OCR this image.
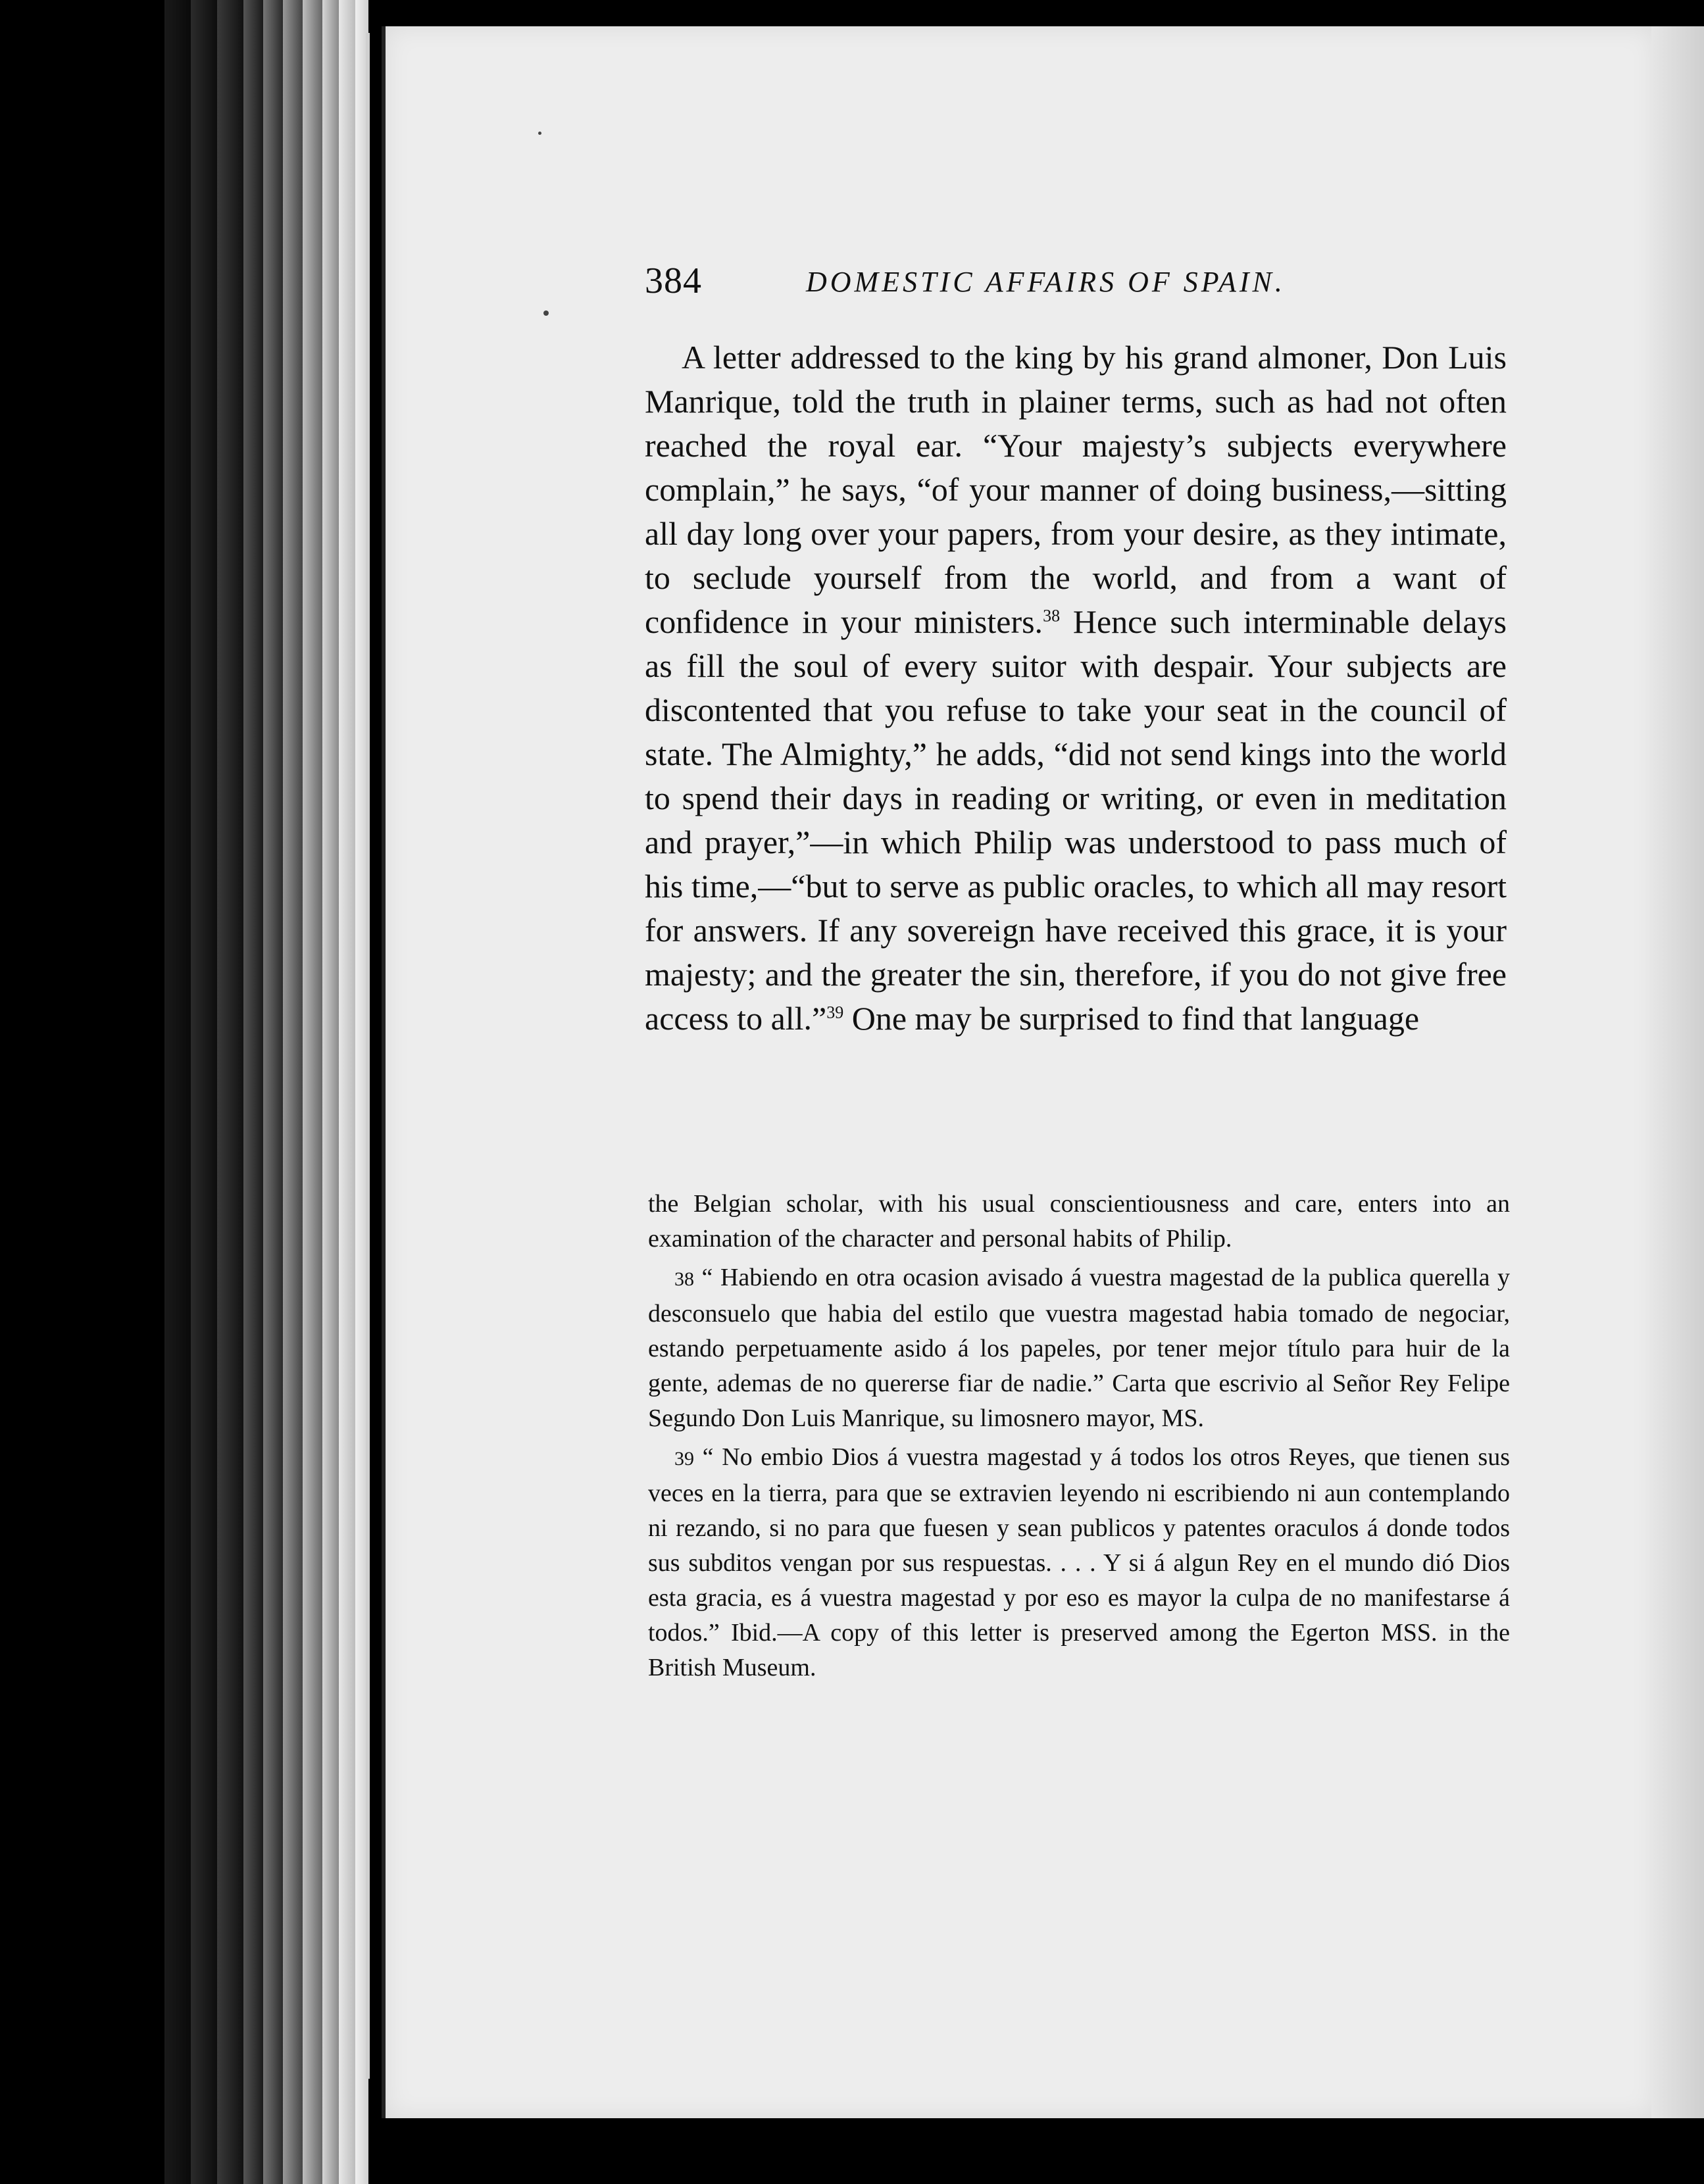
384	DOMESTIC AFFAIRS OF SPAIN.

A letter addressed to the king by his grand almoner, Don Luis Manrique, told the truth in plainer terms, such as had not often reached the royal ear. “Your majesty’s subjects everywhere complain,” he says, “of your manner of doing business,—sitting all day long over your papers, from your desire, as they intimate, to seclude yourself from the world, and from a want of confidence in your ministers.$^{38}$ Hence such interminable delays as fill the soul of every suitor with despair. Your subjects are discontented that you refuse to take your seat in the council of state. The Almighty,” he adds, “did not send kings into the world to spend their days in reading or writing, or even in meditation and prayer,”—in which Philip was understood to pass much of his time,—“but to serve as public oracles, to which all may resort for answers. If any sovereign have received this grace, it is your majesty; and the greater the sin, therefore, if you do not give free access to all.”$^{39}$ One may be surprised to find that language

the Belgian scholar, with his usual conscientiousness and care, enters into an examination of the character and personal habits of Philip.

38 “ Habiendo en otra ocasion avisado á vuestra magestad de la publica querella y desconsuelo que habia del estilo que vuestra magestad habia tomado de negociar, estando perpetuamente asido á los papeles, por tener mejor título para huir de la gente, ademas de no quererse fiar de nadie.” Carta que escrivio al Señor Rey Felipe Segundo Don Luis Manrique, su limosnero mayor, MS.

39 “ No embio Dios á vuestra magestad y á todos los otros Reyes, que tienen sus veces en la tierra, para que se extravien leyendo ni escribiendo ni aun contemplando ni rezando, si no para que fuesen y sean publicos y patentes oraculos á donde todos sus subditos vengan por sus respuestas. . . . Y si á algun Rey en el mundo dió Dios esta gracia, es á vuestra magestad y por eso es mayor la culpa de no manifestarse á todos.” Ibid.—A copy of this letter is preserved among the Egerton MSS. in the British Museum.
